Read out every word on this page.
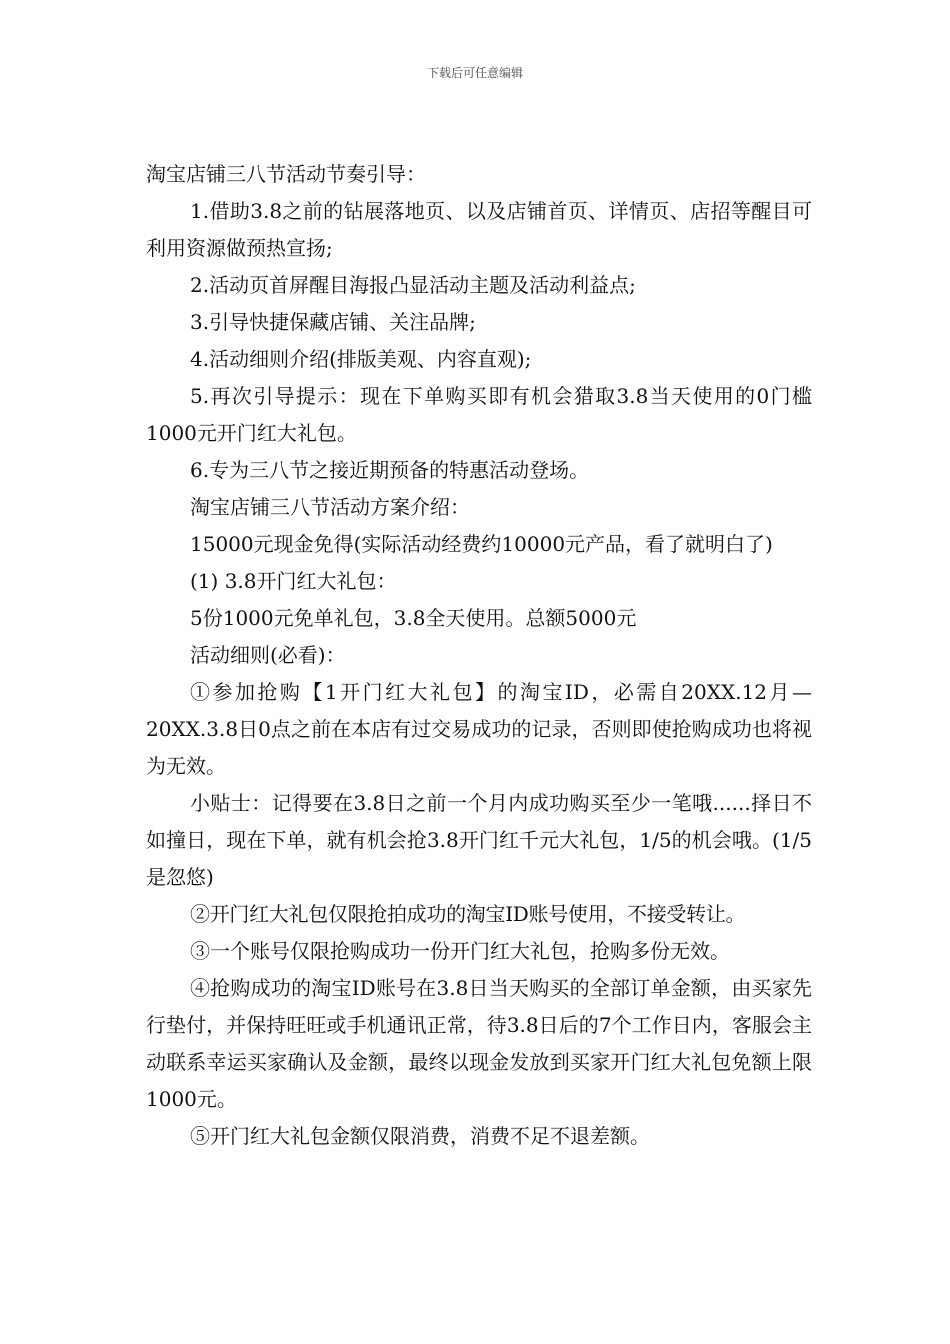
下载后可任意编辑

淘宝店铺三八节活动节奏引导：

1.借助3.8之前的钻展落地页、以及店铺首页、详情页、店招等醒目可利用资源做预热宣扬;

2.活动页首屏醒目海报凸显活动主题及活动利益点;

3.引导快捷保藏店铺、关注品牌;

4.活动细则介绍(排版美观、内容直观);

5.再次引导提示：现在下单购买即有机会猎取3.8当天使用的0门槛1000元开门红大礼包。

6.专为三八节之接近期预备的特惠活动登场。

淘宝店铺三八节活动方案介绍：

15000元现金免得(实际活动经费约10000元产品，看了就明白了)

(1) 3.8开门红大礼包：

5份1000元免单礼包，3.8全天使用。总额5000元

活动细则(必看)：

①参加抢购【1开门红大礼包】的淘宝ID，必需自20XX.12月—20XX.3.8日0点之前在本店有过交易成功的记录，否则即使抢购成功也将视为无效。

小贴士：记得要在3.8日之前一个月内成功购买至少一笔哦......择日不如撞日，现在下单，就有机会抢3.8开门红千元大礼包，1/5的机会哦。(1/5是忽悠)

②开门红大礼包仅限抢拍成功的淘宝ID账号使用，不接受转让。

③一个账号仅限抢购成功一份开门红大礼包，抢购多份无效。

④抢购成功的淘宝ID账号在3.8日当天购买的全部订单金额，由买家先行垫付，并保持旺旺或手机通讯正常，待3.8日后的7个工作日内，客服会主动联系幸运买家确认及金额，最终以现金发放到买家开门红大礼包免额上限1000元。

⑤开门红大礼包金额仅限消费，消费不足不退差额。
